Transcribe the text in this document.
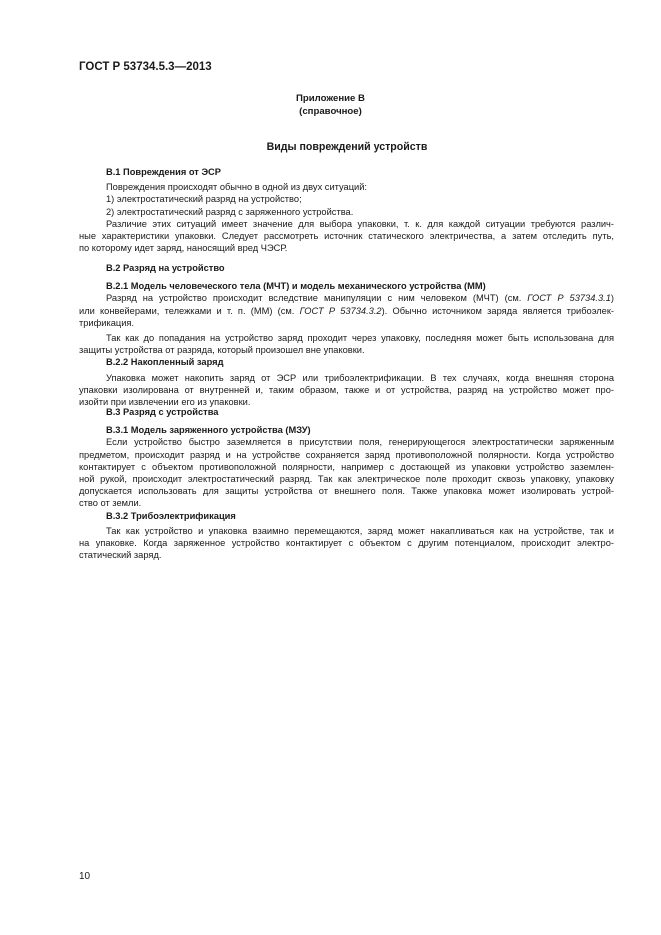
ГОСТ Р 53734.5.3—2013
Приложение В
(справочное)
Виды повреждений устройств

В.1 Повреждения от ЭСР

Повреждения происходят обычно в одной из двух ситуаций:

1) электростатический разряд на устройство;

2) электростатический разряд с заряженного устройства.

Различие этих ситуаций имеет значение для выбора упаковки, т. к. для каждой ситуации требуются различ-

ные характеристики упаковки. Следует рассмотреть источник статического электричества, а затем отследить путь,

по которому идет заряд, наносящий вред ЧЭСР.

В.2 Разряд на устройство

В.2.1 Модель человеческого тела (МЧТ) и модель механического устройства (ММ)

Разряд на устройство происходит вследствие манипуляции с ним человеком (МЧТ) (см. ГОСТ Р 53734.3.1)

или конвейерами, тележками и т. п. (ММ) (см. ГОСТ Р 53734.3.2). Обычно источником заряда является трибоэлек-

трификация.

Так как до попадания на устройство заряд проходит через упаковку, последняя может быть использована для

защиты устройства от разряда, который произошел вне упаковки.

В.2.2 Накопленный заряд

Упаковка может накопить заряд от ЭСР или трибоэлектрификации. В тех случаях, когда внешняя сторона

упаковки изолирована от внутренней и, таким образом, также и от устройства, разряд на устройство может про-

изойти при извлечении его из упаковки.

В.3 Разряд с устройства

В.3.1 Модель заряженного устройства (МЗУ)

Если устройство быстро заземляется в присутствии поля, генерирующегося электростатически заряженным

предметом, происходит разряд и на устройстве сохраняется заряд противоположной полярности. Когда устройство

контактирует с объектом противоположной полярности, например с достающей из упаковки устройство заземлен-

ной рукой, происходит электростатический разряд. Так как электрическое поле проходит сквозь упаковку, упаковку

допускается использовать для защиты устройства от внешнего поля. Также упаковка может изолировать устрой-

ство от земли.

В.3.2 Трибоэлектрификация

Так как устройство и упаковка взаимно перемещаются, заряд может накапливаться как на устройстве, так и

на упаковке. Когда заряженное устройство контактирует с объектом с другим потенциалом, происходит электро-

статический заряд.

10
